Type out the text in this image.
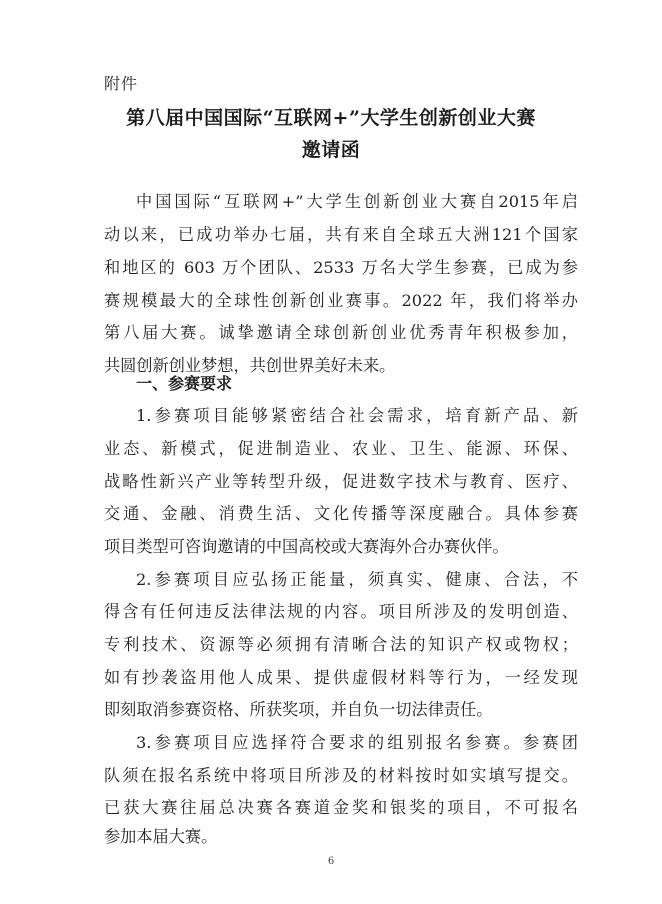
附件
第八届中国国际“互联网+”大学生创新创业大赛
邀请函
中国国际“互联网+”大学生创新创业大赛自2015年启
动以来，已成功举办七届，共有来自全球五大洲121个国家
和地区的 603 万个团队、2533 万名大学生参赛，已成为参
赛规模最大的全球性创新创业赛事。2022 年，我们将举办
第八届大赛。诚挚邀请全球创新创业优秀青年积极参加，
共圆创新创业梦想，共创世界美好未来。
一、参赛要求
1.参赛项目能够紧密结合社会需求，培育新产品、新
业态、新模式，促进制造业、农业、卫生、能源、环保、
战略性新兴产业等转型升级，促进数字技术与教育、医疗、
交通、金融、消费生活、文化传播等深度融合。具体参赛
项目类型可咨询邀请的中国高校或大赛海外合办赛伙伴。
2.参赛项目应弘扬正能量，须真实、健康、合法，不
得含有任何违反法律法规的内容。项目所涉及的发明创造、
专利技术、资源等必须拥有清晰合法的知识产权或物权；
如有抄袭盗用他人成果、提供虚假材料等行为，一经发现
即刻取消参赛资格、所获奖项，并自负一切法律责任。
3.参赛项目应选择符合要求的组别报名参赛。参赛团
队须在报名系统中将项目所涉及的材料按时如实填写提交。
已获大赛往届总决赛各赛道金奖和银奖的项目，不可报名
参加本届大赛。
6
